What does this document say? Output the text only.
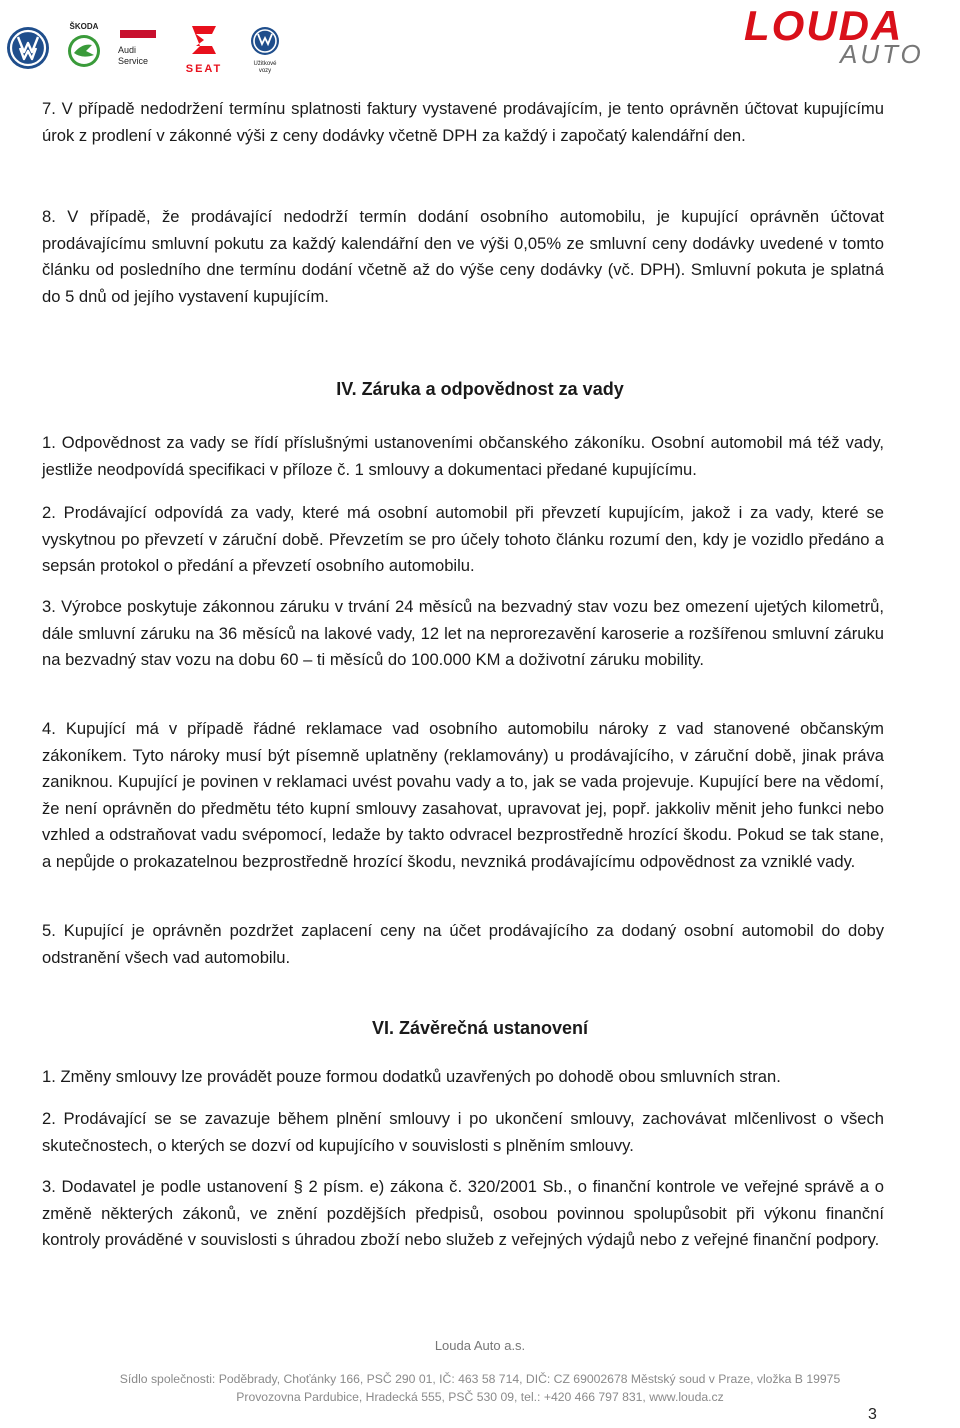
ŠKODA
Audi
Service
SEAT	Užitkové
vozy
LOUDA
AUTO

7. V případě nedodržení termínu splatnosti faktury vystavené prodávajícím, je tento oprávněn účtovat kupujícímu úrok z prodlení v zákonné výši z ceny dodávky včetně DPH za každý i započatý kalendářní den.

8. V případě, že prodávající nedodrží termín dodání osobního automobilu, je kupující oprávněn účtovat prodávajícímu smluvní pokutu za každý kalendářní den ve výši 0,05% ze smluvní ceny dodávky uvedené v tomto článku od posledního dne termínu dodání včetně až do výše ceny dodávky (vč. DPH). Smluvní pokuta je splatná do 5 dnů od jejího vystavení kupujícím.

IV. Záruka a odpovědnost za vady

1. Odpovědnost za vady se řídí příslušnými ustanoveními občanského zákoníku. Osobní automobil má též vady, jestliže neodpovídá specifikaci v příloze č. 1 smlouvy a dokumentaci předané kupujícímu.

2. Prodávající odpovídá za vady, které má osobní automobil při převzetí kupujícím, jakož i za vady, které se vyskytnou po převzetí v záruční době. Převzetím se pro účely tohoto článku rozumí den, kdy je vozidlo předáno a sepsán protokol o předání a převzetí osobního automobilu.

3. Výrobce poskytuje zákonnou záruku v trvání 24 měsíců na bezvadný stav vozu bez omezení ujetých kilometrů, dále smluvní záruku na 36 měsíců na lakové vady, 12 let na neprorezavění karoserie a rozšířenou smluvní záruku na bezvadný stav vozu na dobu 60 – ti měsíců do 100.000 KM a doživotní záruku mobility.

4. Kupující má v případě řádné reklamace vad osobního automobilu nároky z vad stanovené občanským zákoníkem. Tyto nároky musí být písemně uplatněny (reklamovány) u prodávajícího, v záruční době, jinak práva zaniknou. Kupující je povinen v reklamaci uvést povahu vady a to, jak se vada projevuje. Kupující bere na vědomí, že není oprávněn do předmětu této kupní smlouvy zasahovat, upravovat jej, popř. jakkoliv měnit jeho funkci nebo vzhled a odstraňovat vadu svépomocí, ledaže by takto odvracel bezprostředně hrozící škodu. Pokud se tak stane, a nepůjde o prokazatelnou bezprostředně hrozící škodu, nevzniká prodávajícímu odpovědnost za vzniklé vady.

5. Kupující je oprávněn pozdržet zaplacení ceny na účet prodávajícího za dodaný osobní automobil do doby odstranění všech vad automobilu.

VI. Závěrečná ustanovení

1. Změny smlouvy lze provádět pouze formou dodatků uzavřených po dohodě obou smluvních stran.

2. Prodávající se se zavazuje během plnění smlouvy i po ukončení smlouvy, zachovávat mlčenlivost o všech skutečnostech, o kterých se dozví od kupujícího v souvislosti s plněním smlouvy.

3. Dodavatel je podle ustanovení § 2 písm. e) zákona č. 320/2001 Sb., o finanční kontrole ve veřejné správě a o změně některých zákonů, ve znění pozdějších předpisů, osobou povinnou spolupůsobit při výkonu finanční kontroly prováděné v souvislosti s úhradou zboží nebo služeb z veřejných výdajů nebo z veřejné finanční podpory.

Louda Auto a.s.
Sídlo společnosti: Poděbrady, Choťánky 166, PSČ 290 01, IČ: 463 58 714, DIČ: CZ 69002678 Městský soud v Praze, vložka B 19975
Provozovna Pardubice, Hradecká 555, PSČ 530 09, tel.: +420 466 797 831, www.louda.cz
3
